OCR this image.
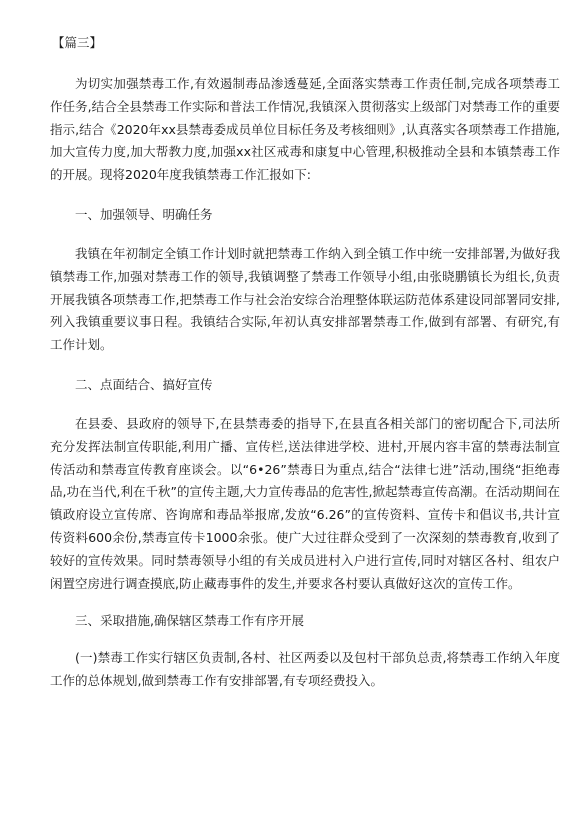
【篇三】

为切实加强禁毒工作,有效遏制毒品渗透蔓延,全面落实禁毒工作责任制,完成各项禁毒工作任务,结合全县禁毒工作实际和普法工作情况,我镇深入贯彻落实上级部门对禁毒工作的重要指示,结合《2020年xx县禁毒委成员单位目标任务及考核细则》,认真落实各项禁毒工作措施,加大宣传力度,加大帮教力度,加强xx社区戒毒和康复中心管理,积极推动全县和本镇禁毒工作的开展。现将2020年度我镇禁毒工作汇报如下:

一、加强领导、明确任务

我镇在年初制定全镇工作计划时就把禁毒工作纳入到全镇工作中统一安排部署,为做好我镇禁毒工作,加强对禁毒工作的领导,我镇调整了禁毒工作领导小组,由张晓鹏镇长为组长,负责开展我镇各项禁毒工作,把禁毒工作与社会治安综合治理整体联运防范体系建设同部署同安排,列入我镇重要议事日程。我镇结合实际,年初认真安排部署禁毒工作,做到有部署、有研究,有工作计划。

二、点面结合、搞好宣传

在县委、县政府的领导下,在县禁毒委的指导下,在县直各相关部门的密切配合下,司法所充分发挥法制宣传职能,利用广播、宣传栏,送法律进学校、进村,开展内容丰富的禁毒法制宣传活动和禁毒宣传教育座谈会。以“6•26”禁毒日为重点,结合“法律七进”活动,围绕“拒绝毒品,功在当代,利在千秋”的宣传主题,大力宣传毒品的危害性,掀起禁毒宣传高潮。在活动期间在镇政府设立宣传席、咨询席和毒品举报席,发放“6.26”的宣传资料、宣传卡和倡议书,共计宣传资料600余份,禁毒宣传卡1000余张。使广大过往群众受到了一次深刻的禁毒教育,收到了较好的宣传效果。同时禁毒领导小组的有关成员进村入户进行宣传,同时对辖区各村、组农户闲置空房进行调查摸底,防止藏毒事件的发生,并要求各村要认真做好这次的宣传工作。

三、采取措施,确保辖区禁毒工作有序开展

(一)禁毒工作实行辖区负责制,各村、社区两委以及包村干部负总责,将禁毒工作纳入年度工作的总体规划,做到禁毒工作有安排部署,有专项经费投入。
